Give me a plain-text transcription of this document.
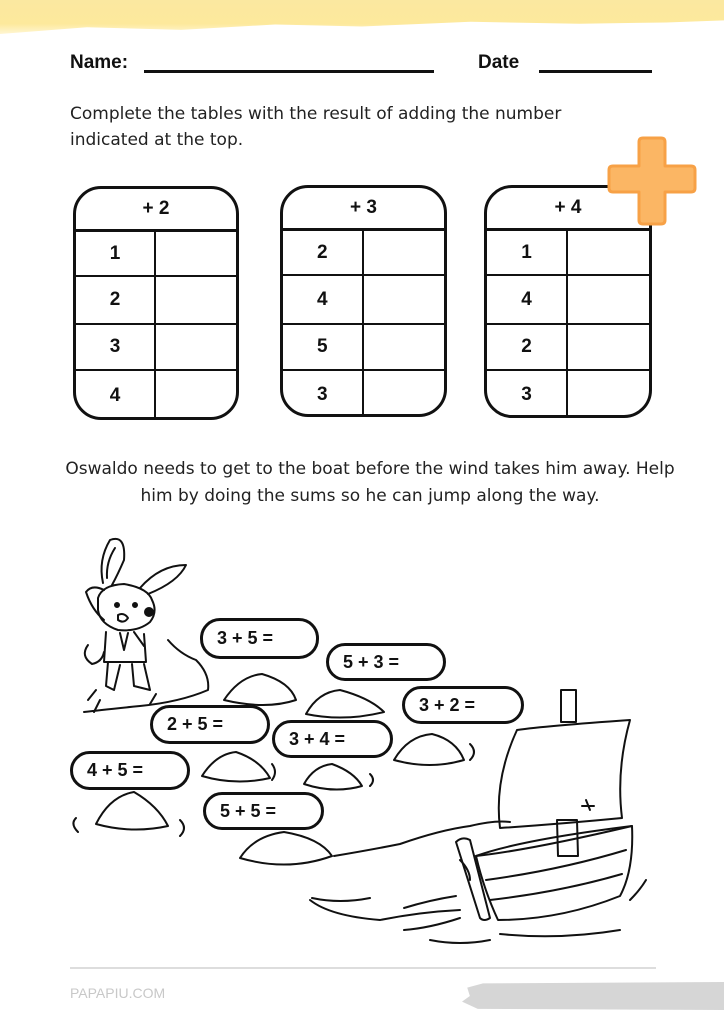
Name:	Date
Complete the tables with the result of adding the number indicated at the top.
+ 2
1
2
3
4
+ 3
2
4
5
3
+ 4
1
4
2
3
Oswaldo needs to get to the boat before the wind takes him away. Help him by doing the sums so he can jump along the way.
3 + 5 =
5 + 3 =
3 + 2 =
2 + 5 =
3 + 4 =
4 + 5 =
5 + 5 =
PAPAPIU.COM
